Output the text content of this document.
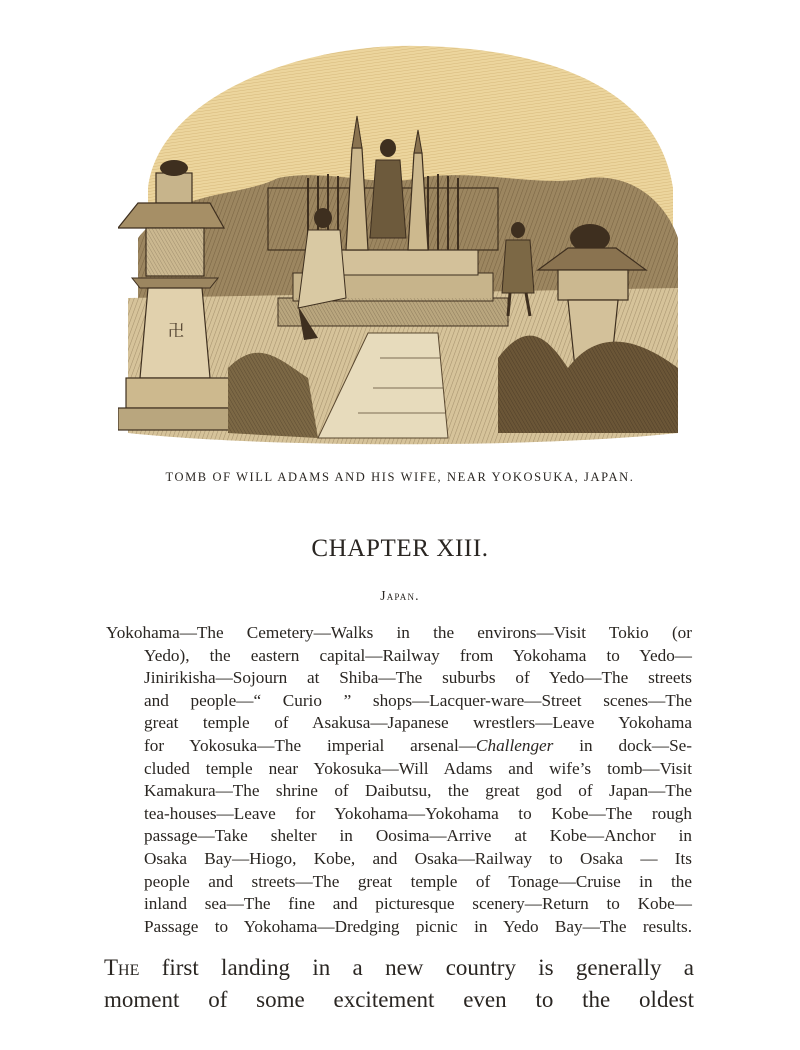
卍
TOMB OF WILL ADAMS AND HIS WIFE, NEAR YOKOSUKA, JAPAN.
CHAPTER XIII.
Japan.
Yokohama—The Cemetery—Walks in the environs—Visit Tokio (or
Yedo), the eastern capital—Railway from Yokohama to Yedo—
Jinirikisha—Sojourn at Shiba—The suburbs of Yedo—The streets
and people—“ Curio ” shops—Lacquer-ware—Street scenes—The
great temple of Asakusa—Japanese wrestlers—Leave Yokohama
for Yokosuka—The imperial arsenal—Challenger in dock—Se-
cluded temple near Yokosuka—Will Adams and wife’s tomb—Visit
Kamakura—The shrine of Daibutsu, the great god of Japan—The
tea-houses—Leave for Yokohama—Yokohama to Kobe—The rough
passage—Take shelter in Oosima—Arrive at Kobe—Anchor in
Osaka Bay—Hiogo, Kobe, and Osaka—Railway to Osaka — Its
people and streets—The great temple of Tonage—Cruise in the
inland sea—The fine and picturesque scenery—Return to Kobe—
Passage to Yokohama—Dredging picnic in Yedo Bay—The results.
The first landing in a new country is generally a
moment of some excitement even to the oldest
